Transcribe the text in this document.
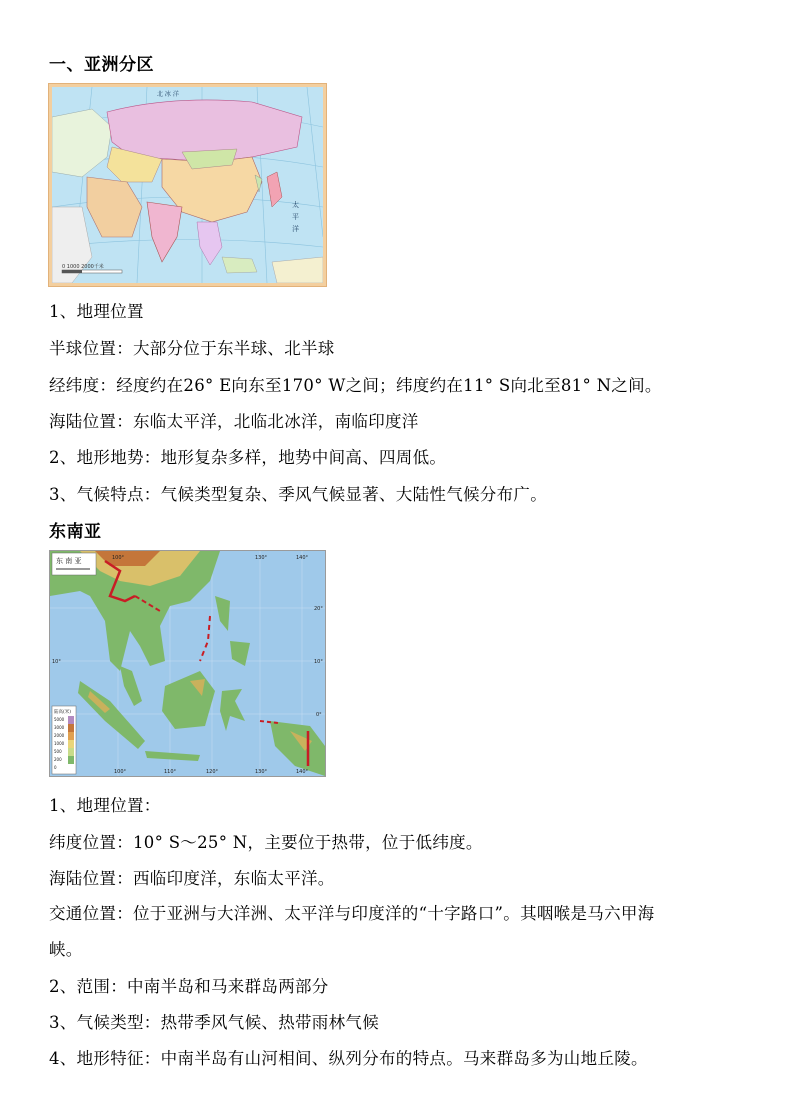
一、亚洲分区
0 1000 2000千米
北 冰 洋
太
平
洋
1、地理位置
半球位置：大部分位于东半球、北半球
经纬度：经度约在26° E向东至170° W之间；纬度约在11° S向北至81° N之间。
海陆位置：东临太平洋，北临北冰洋，南临印度洋
2、地形地势：地形复杂多样，地势中间高、四周低。
3、气候特点：气候类型复杂、季风气候显著、大陆性气候分布广。
东南亚
东 南 亚
陆高(米)
5000
3000
2000
1000
500
200
0
100°	130°	140°
100°	110°	120°	130°	140°
20°
10°
0°
10°
1、地理位置：
纬度位置：10° S～25° N，主要位于热带，位于低纬度。
海陆位置：西临印度洋，东临太平洋。
交通位置：位于亚洲与大洋洲、太平洋与印度洋的“十字路口”。其咽喉是马六甲海
峡。
2、范围：中南半岛和马来群岛两部分
3、气候类型：热带季风气候、热带雨林气候
4、地形特征：中南半岛有山河相间、纵列分布的特点。马来群岛多为山地丘陵。
